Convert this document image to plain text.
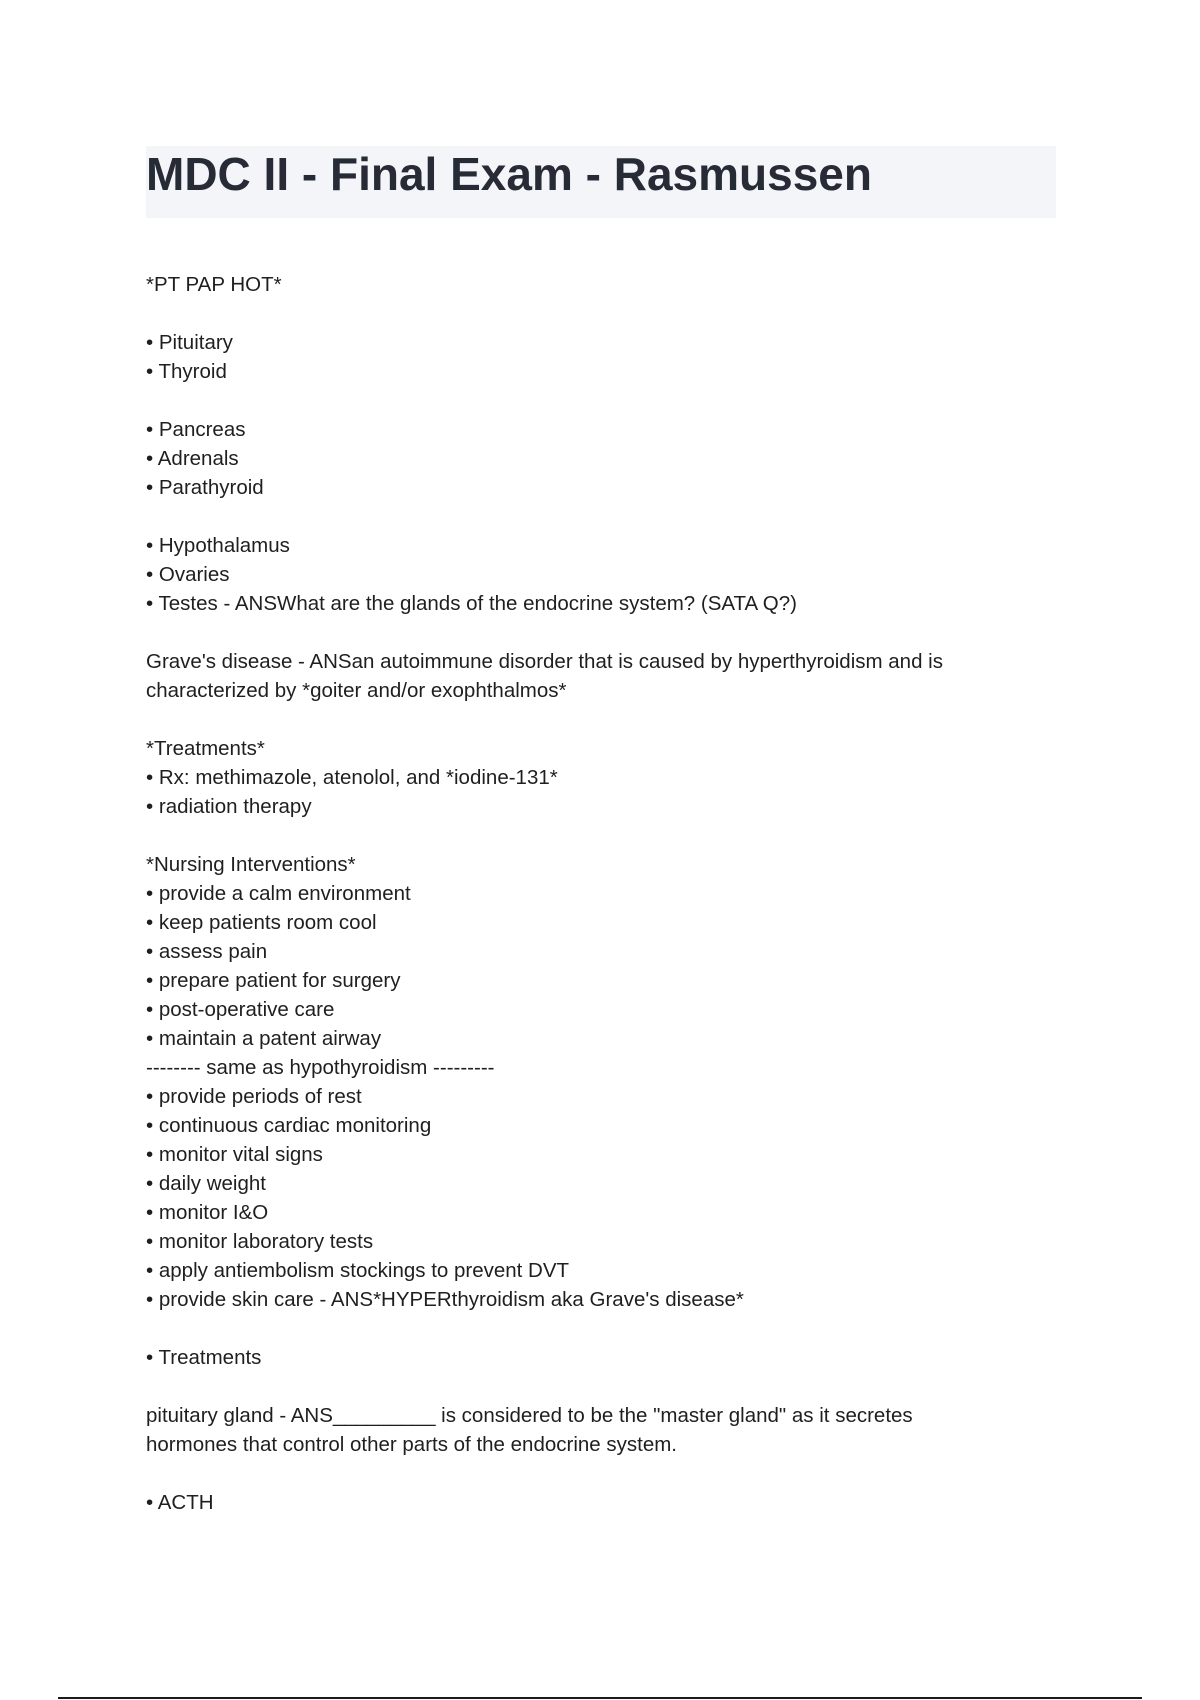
MDC II - Final Exam - Rasmussen
*PT PAP HOT*
• Pituitary
• Thyroid
• Pancreas
• Adrenals
• Parathyroid
• Hypothalamus
• Ovaries
• Testes - ANSWhat are the glands of the endocrine system? (SATA Q?)
Grave's disease - ANSan autoimmune disorder that is caused by hyperthyroidism and is
characterized by *goiter and/or exophthalmos*
*Treatments*
• Rx: methimazole, atenolol, and *iodine-131*
• radiation therapy
*Nursing Interventions*
• provide a calm environment
• keep patients room cool
• assess pain
• prepare patient for surgery
• post-operative care
• maintain a patent airway
-------- same as hypothyroidism ---------
• provide periods of rest
• continuous cardiac monitoring
• monitor vital signs
• daily weight
• monitor I&O
• monitor laboratory tests
• apply antiembolism stockings to prevent DVT
• provide skin care - ANS*HYPERthyroidism aka Grave's disease*
• Treatments
pituitary gland - ANS_________ is considered to be the "master gland" as it secretes
hormones that control other parts of the endocrine system.
• ACTH
